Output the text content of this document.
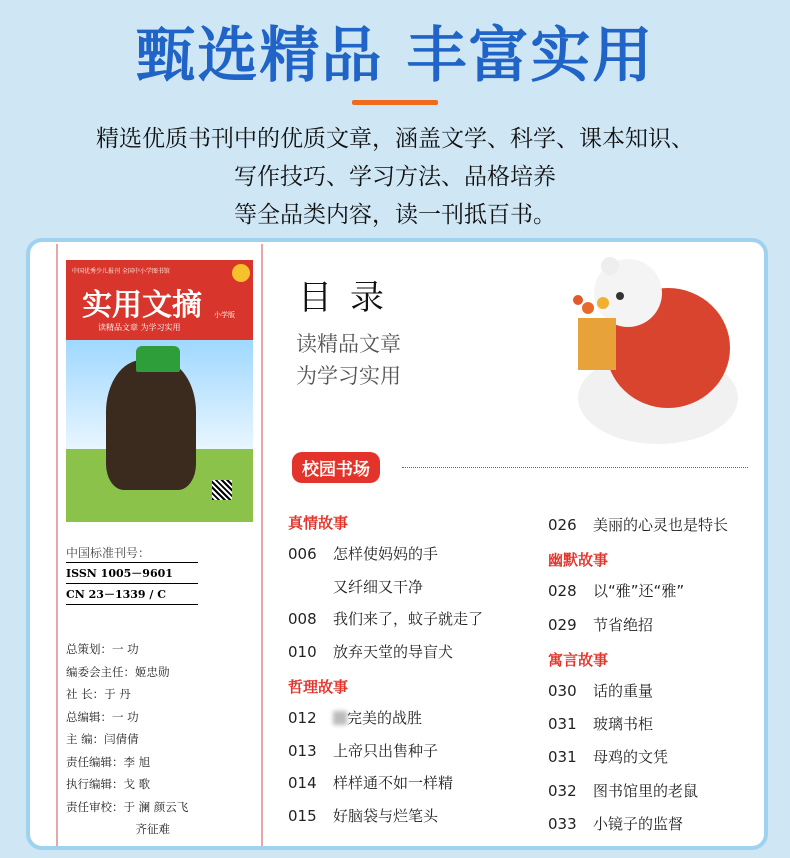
甄选精品 丰富实用
精选优质书刊中的优质文章，涵盖文学、科学、课本知识、
写作技巧、学习方法、品格培养
等全品类内容，读一刊抵百书。
中国优秀少儿报刊 全国中小学图书馆
实用文摘 小学版
读精品文章 为学习实用
中国标准刊号：
ISSN 1005－9601
CN 23－1339 / C
总策划：一 功
编委会主任：姬忠勋
社 长：于 丹
总编辑：一 功
主 编：闫倩倩
责任编辑：李 旭
执行编辑：戈 歌
责任审校：于 澜 颜云飞
齐征难
目录
读精品文章
为学习实用
校园书场
真情故事
006 怎样使妈妈的手
又纤细又干净
008 我们来了，蚊子就走了
010 放弃天堂的导盲犬
哲理故事
012 完美的战胜
013 上帝只出售种子
014 样样通不如一样精
015 好脑袋与烂笔头
026 美丽的心灵也是特长
幽默故事
028 以“雅”还“雅”
029 节省绝招
寓言故事
030 话的重量
031 玻璃书柜
031 母鸡的文凭
032 图书馆里的老鼠
033 小镜子的监督
